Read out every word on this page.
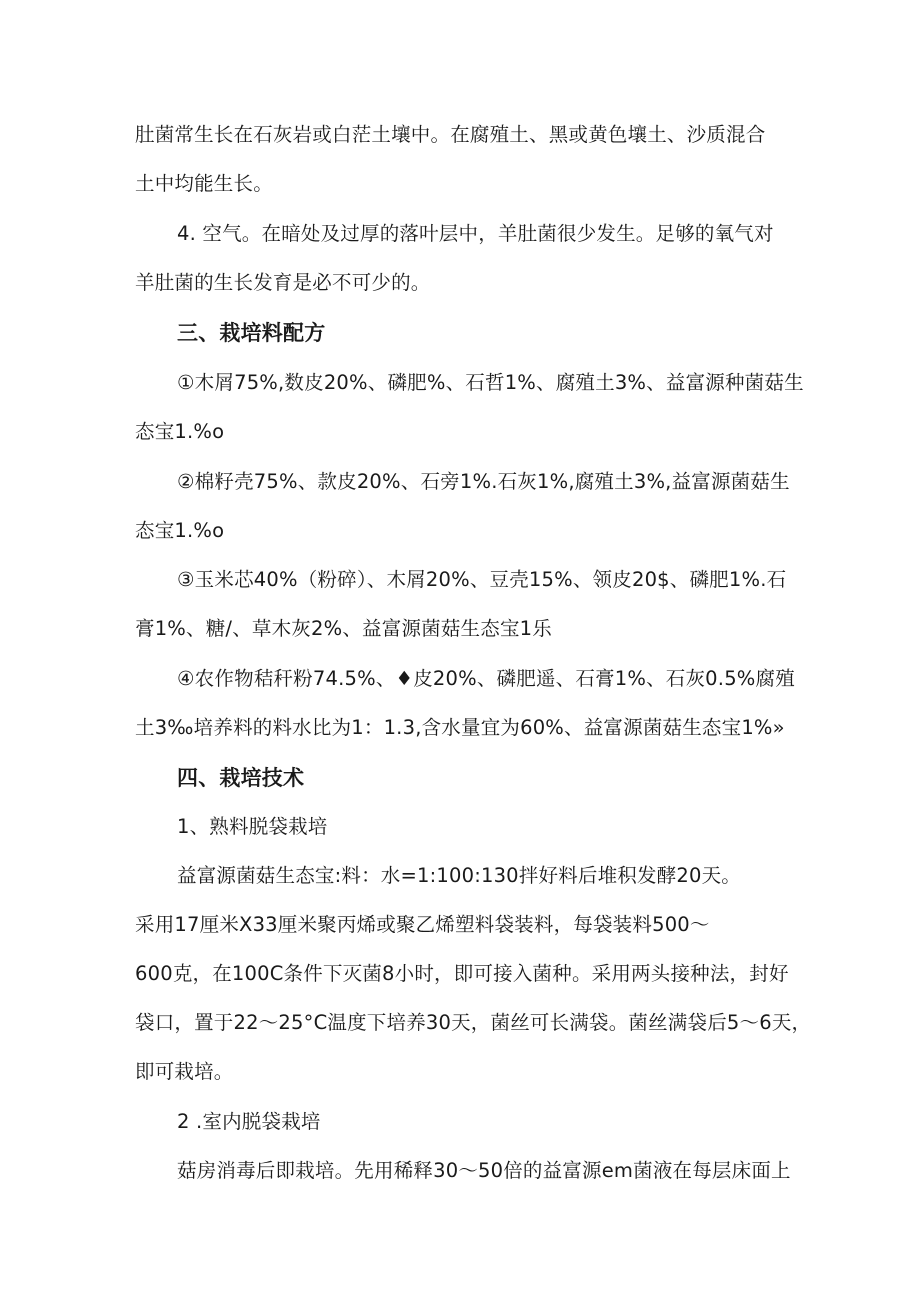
肚菌常生长在石灰岩或白茫土壤中。在腐殖土、黑或黄色壤土、沙质混合
土中均能生长。
4. 空气。在暗处及过厚的落叶层中，羊肚菌很少发生。足够的氧气对
羊肚菌的生长发育是必不可少的。
三、栽培料配方
①木屑75%,数皮20%、磷肥%、石哲1%、腐殖土3%、益富源种菌菇生
态宝1.%o
②棉籽壳75%、款皮20%、石旁1%.石灰1%,腐殖土3%,益富源菌菇生
态宝1.%o
③玉米芯40%（粉碎）、木屑20%、豆壳15%、领皮20$、磷肥1%.石
膏1%、糖/、草木灰2%、益富源菌菇生态宝1乐
④农作物秸秆粉74.5%、♦皮20%、磷肥遥、石膏1%、石灰0.5%腐殖
土3‰培养料的料水比为1：1.3,含水量宜为60%、益富源菌菇生态宝1%»
四、栽培技术
1、熟料脱袋栽培
益富源菌菇生态宝:料：水=1:100:130拌好料后堆积发酵20天。
采用17厘米X33厘米聚丙烯或聚乙烯塑料袋装料，每袋装料500～
600克，在100C条件下灭菌8小时，即可接入菌种。采用两头接种法，封好
袋口，置于22～25°C温度下培养30天，菌丝可长满袋。菌丝满袋后5～6天，
即可栽培。
2 .室内脱袋栽培
菇房消毒后即栽培。先用稀释30～50倍的益富源em菌液在每层床面上
